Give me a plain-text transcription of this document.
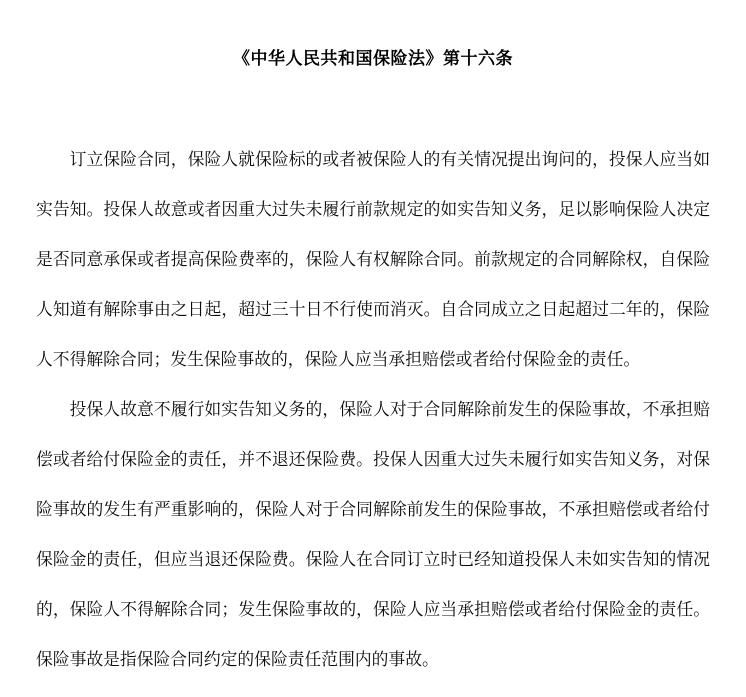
《中华人民共和国保险法》第十六条

订立保险合同，保险人就保险标的或者被保险人的有关情况提出询问的，投保人应当如实告知。投保人故意或者因重大过失未履行前款规定的如实告知义务，足以影响保险人决定是否同意承保或者提高保险费率的，保险人有权解除合同。前款规定的合同解除权，自保险人知道有解除事由之日起，超过三十日不行使而消灭。自合同成立之日起超过二年的，保险人不得解除合同；发生保险事故的，保险人应当承担赔偿或者给付保险金的责任。

投保人故意不履行如实告知义务的，保险人对于合同解除前发生的保险事故，不承担赔偿或者给付保险金的责任，并不退还保险费。投保人因重大过失未履行如实告知义务，对保险事故的发生有严重影响的，保险人对于合同解除前发生的保险事故，不承担赔偿或者给付保险金的责任，但应当退还保险费。保险人在合同订立时已经知道投保人未如实告知的情况的，保险人不得解除合同；发生保险事故的，保险人应当承担赔偿或者给付保险金的责任。保险事故是指保险合同约定的保险责任范围内的事故。
